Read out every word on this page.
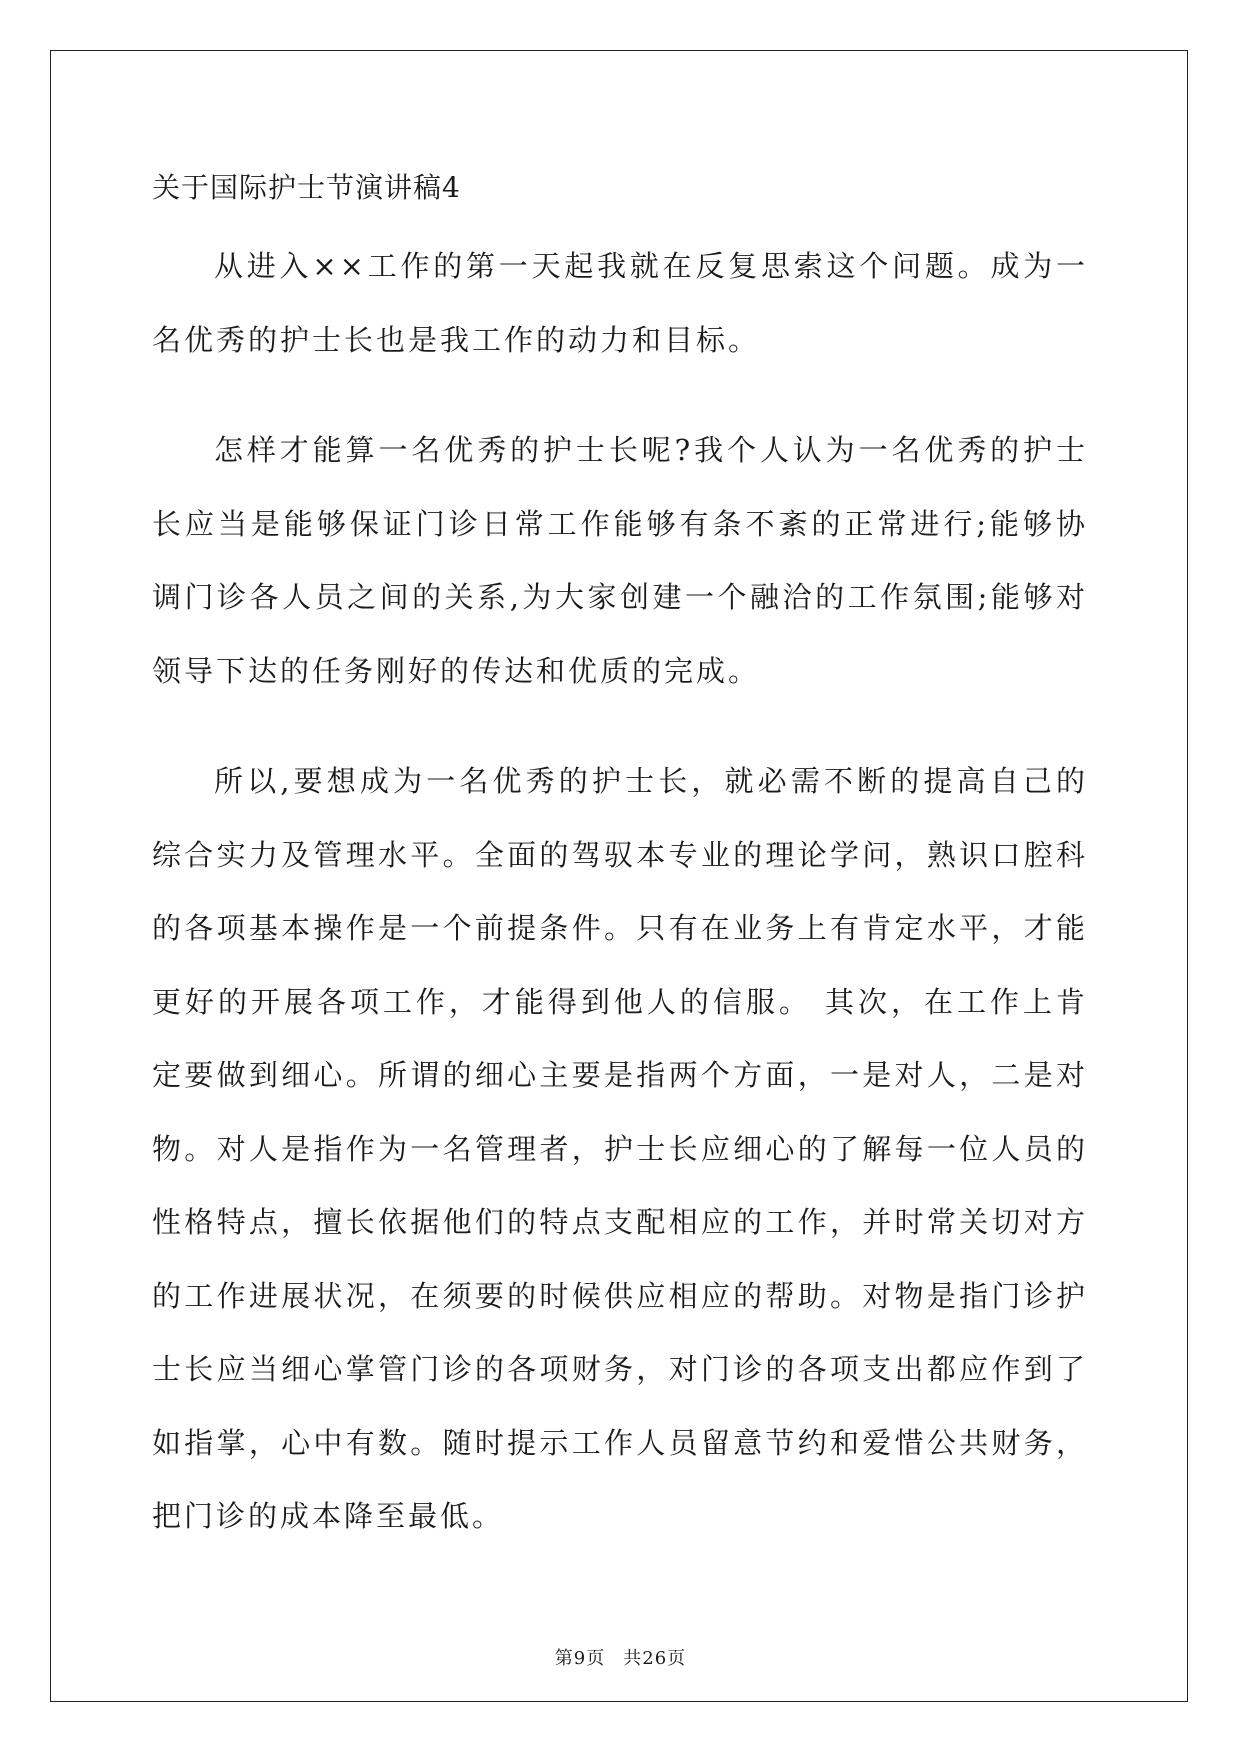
关于国际护士节演讲稿4

从进入××工作的第一天起我就在反复思索这个问题。成为一名优秀的护士长也是我工作的动力和目标。

怎样才能算一名优秀的护士长呢?我个人认为一名优秀的护士长应当是能够保证门诊日常工作能够有条不紊的正常进行;能够协调门诊各人员之间的关系,为大家创建一个融洽的工作氛围;能够对领导下达的任务刚好的传达和优质的完成。

所以,要想成为一名优秀的护士长，就必需不断的提高自己的综合实力及管理水平。全面的驾驭本专业的理论学问，熟识口腔科的各项基本操作是一个前提条件。只有在业务上有肯定水平，才能更好的开展各项工作，才能得到他人的信服。 其次，在工作上肯定要做到细心。所谓的细心主要是指两个方面，一是对人，二是对物。对人是指作为一名管理者，护士长应细心的了解每一位人员的性格特点，擅长依据他们的特点支配相应的工作，并时常关切对方的工作进展状况，在须要的时候供应相应的帮助。对物是指门诊护士长应当细心掌管门诊的各项财务，对门诊的各项支出都应作到了如指掌，心中有数。随时提示工作人员留意节约和爱惜公共财务，把门诊的成本降至最低。

第9页 共26页
